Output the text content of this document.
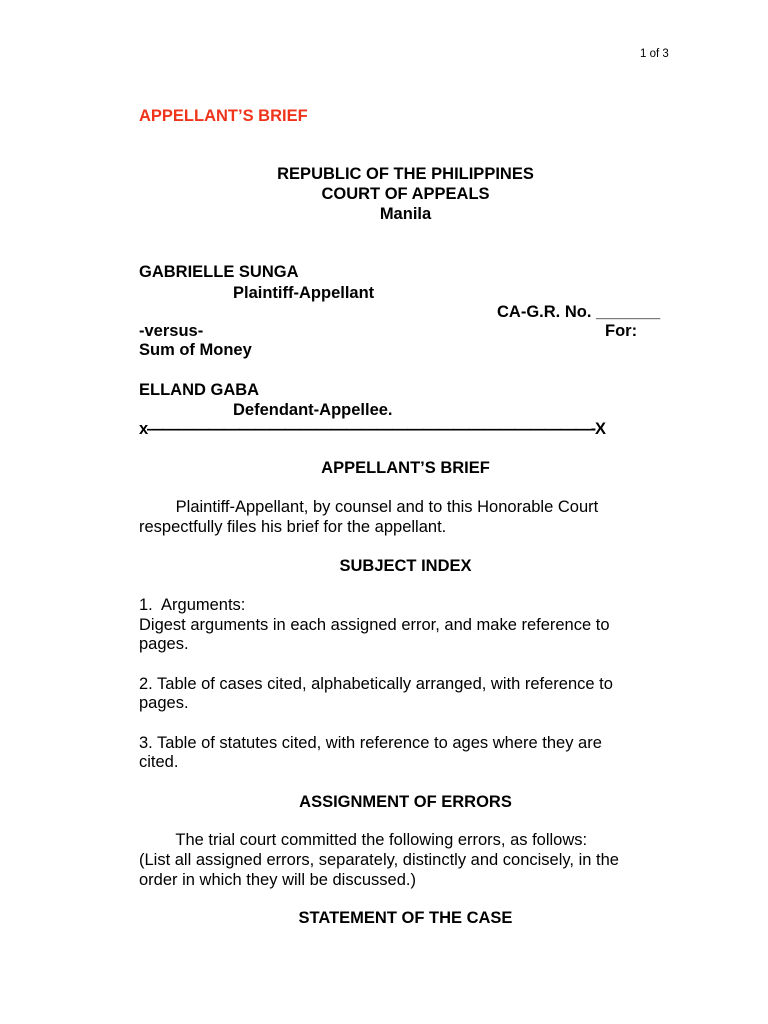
1 of 3
APPELLANT’S BRIEF
REPUBLIC OF THE PHILIPPINES
COURT OF APPEALS
Manila
GABRIELLE SUNGA
Plaintiff-Appellant
CA-G.R. No. _______
-versus-	For:
Sum of Money
ELLAND GABA
Defendant-Appellee.
x—————————————————————————————-X
APPELLANT’S BRIEF
Plaintiff-Appellant, by counsel and to this Honorable Court
respectfully files his brief for the appellant.
SUBJECT INDEX
1.  Arguments:
Digest arguments in each assigned error, and make reference to
pages.
2. Table of cases cited, alphabetically arranged, with reference to
pages.
3. Table of statutes cited, with reference to ages where they are
cited.
ASSIGNMENT OF ERRORS
The trial court committed the following errors, as follows:
(List all assigned errors, separately, distinctly and concisely, in the
order in which they will be discussed.)
STATEMENT OF THE CASE
